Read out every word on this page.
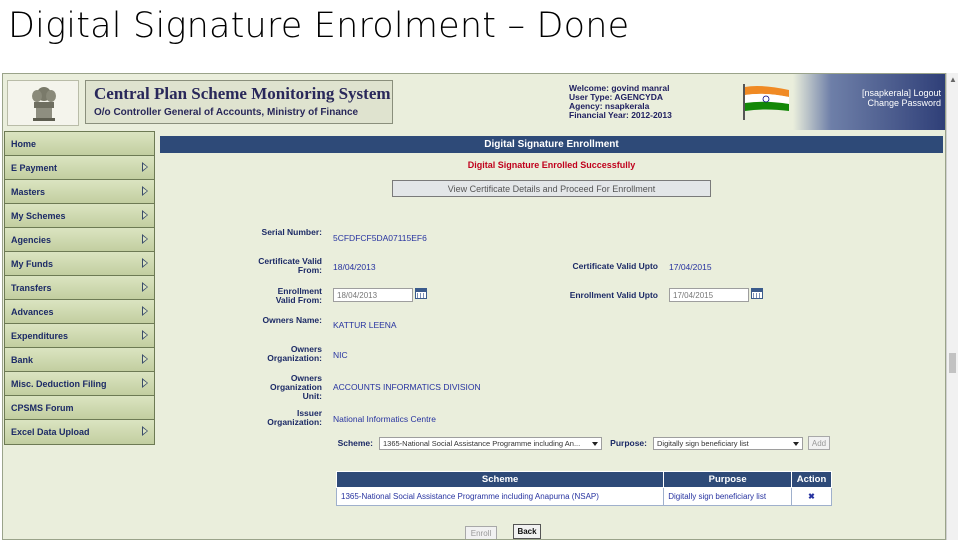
Digital Signature Enrolment – Done
Central Plan Scheme Monitoring System
O/o Controller General of Accounts, Ministry of Finance
Welcome: govind manral
User Type: AGENCYDA
Agency: nsapkerala
Financial Year: 2012-2013
[nsapkerala] Logout
Change Password
Home
E Payment
Masters
My Schemes
Agencies
My Funds
Transfers
Advances
Expenditures
Bank
Misc. Deduction Filing
CPSMS Forum
Excel Data Upload
Digital Signature Enrollment
Digital Signature Enrolled Successfully
View Certificate Details and Proceed For Enrollment
Serial Number:
5CFDFCF5DA07115EF6
Certificate Valid From: 18/04/2013	Certificate Valid Upto 17/04/2015
Enrollment Valid From:	18/04/2013	Enrollment Valid Upto	17/04/2015
Owners Name: KATTUR LEENA
Owners Organization: NIC
Owners Organization Unit:
ACCOUNTS INFORMATICS DIVISION
Issuer Organization: National Informatics Centre
Scheme:	1365-National Social Assistance Programme including An...	Purpose:	Digitally sign beneficiary list	Add
Scheme	Purpose	Action
1365-National Social Assistance Programme including Anapurna (NSAP)	Digitally sign beneficiary list	✖
Enroll	Back
▲
